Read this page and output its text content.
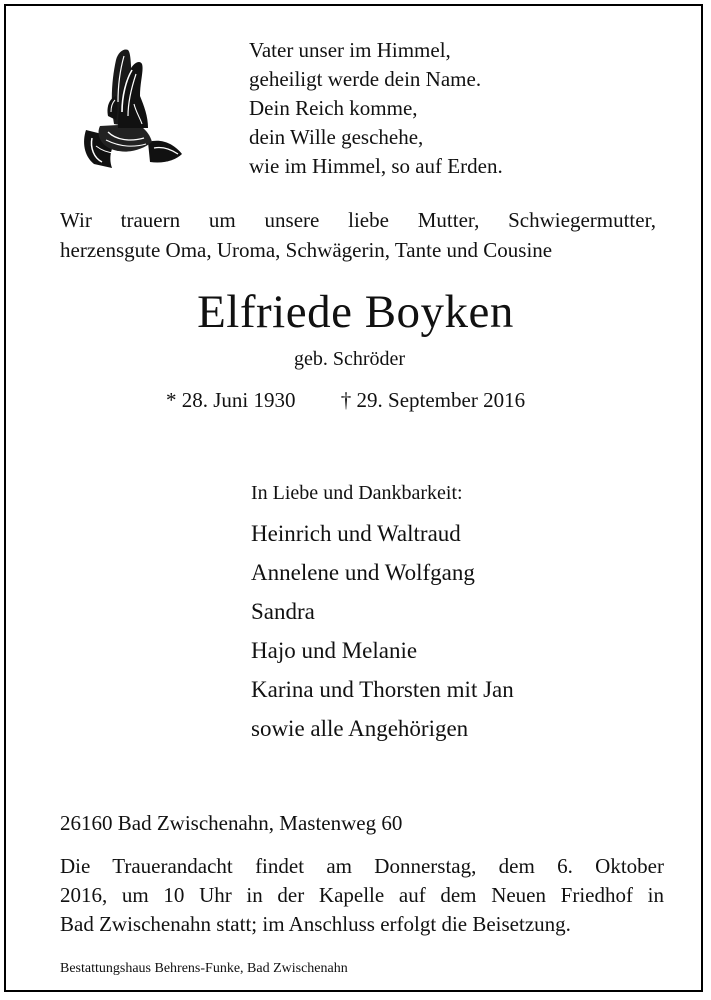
Vater unser im Himmel,
geheiligt werde dein Name.
Dein Reich komme,
dein Wille geschehe,
wie im Himmel, so auf Erden.
Wir trauern um unsere liebe Mutter, Schwiegermutter,
herzensgute Oma, Uroma, Schwägerin, Tante und Cousine
Elfriede Boyken
geb. Schröder
* 28. Juni 1930 † 29. September 2016
In Liebe und Dankbarkeit:
Heinrich und Waltraud
Annelene und Wolfgang
Sandra
Hajo und Melanie
Karina und Thorsten mit Jan
sowie alle Angehörigen
26160 Bad Zwischenahn, Mastenweg 60
Die Trauerandacht findet am Donnerstag, dem 6. Oktober
2016, um 10 Uhr in der Kapelle auf dem Neuen Friedhof in
Bad Zwischenahn statt; im Anschluss erfolgt die Beisetzung.
Bestattungshaus Behrens-Funke, Bad Zwischenahn
